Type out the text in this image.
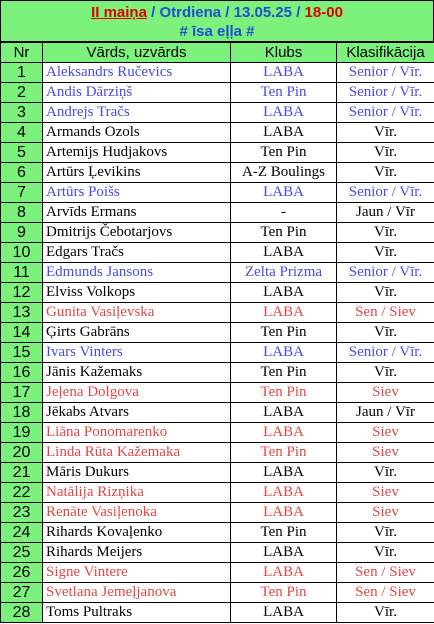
II maiņa / Otrdiena / 13.05.25 / 18-00
# īsa eļļa #
Nr	Vārds, uzvārds	Klubs	Klasifikācija
1	Aleksandrs Ručevics	LABA	Senior / Vīr.
2	Andis Dārziņš	Ten Pin	Senior / Vīr.
3	Andrejs Tračs	LABA	Senior / Vīr.
4	Armands Ozols	LABA	Vīr.
5	Artemijs Hudjakovs	Ten Pin	Vīr.
6	Artūrs Ļevikins	A-Z Boulings	Vīr.
7	Artūrs Poišs	LABA	Senior / Vīr.
8	Arvīds Ermans	-	Jaun / Vīr
9	Dmitrijs Čebotarjovs	Ten Pin	Vīr.
10	Edgars Tračs	LABA	Vīr.
11	Edmunds Jansons	Zelta Prizma	Senior / Vīr.
12	Elviss Volkops	LABA	Vīr.
13	Gunita Vasiļevska	LABA	Sen / Siev
14	Ģirts Gabrāns	Ten Pin	Vīr.
15	Ivars Vinters	LABA	Senior / Vīr.
16	Jānis Kažemaks	Ten Pin	Vīr.
17	Jeļena Dolgova	Ten Pin	Siev
18	Jēkabs Atvars	LABA	Jaun / Vīr
19	Liāna Ponomarenko	LABA	Siev
20	Linda Rūta Kažemaka	Ten Pin	Siev
21	Māris Dukurs	LABA	Vīr.
22	Natālija Rizņika	LABA	Siev
23	Renāte Vasiļenoka	LABA	Siev
24	Rihards Kovaļenko	Ten Pin	Vīr.
25	Rihards Meijers	LABA	Vīr.
26	Signe Vintere	LABA	Sen / Siev
27	Svetlana Jemeļjanova	Ten Pin	Sen / Siev
28	Toms Pultraks	LABA	Vīr.
